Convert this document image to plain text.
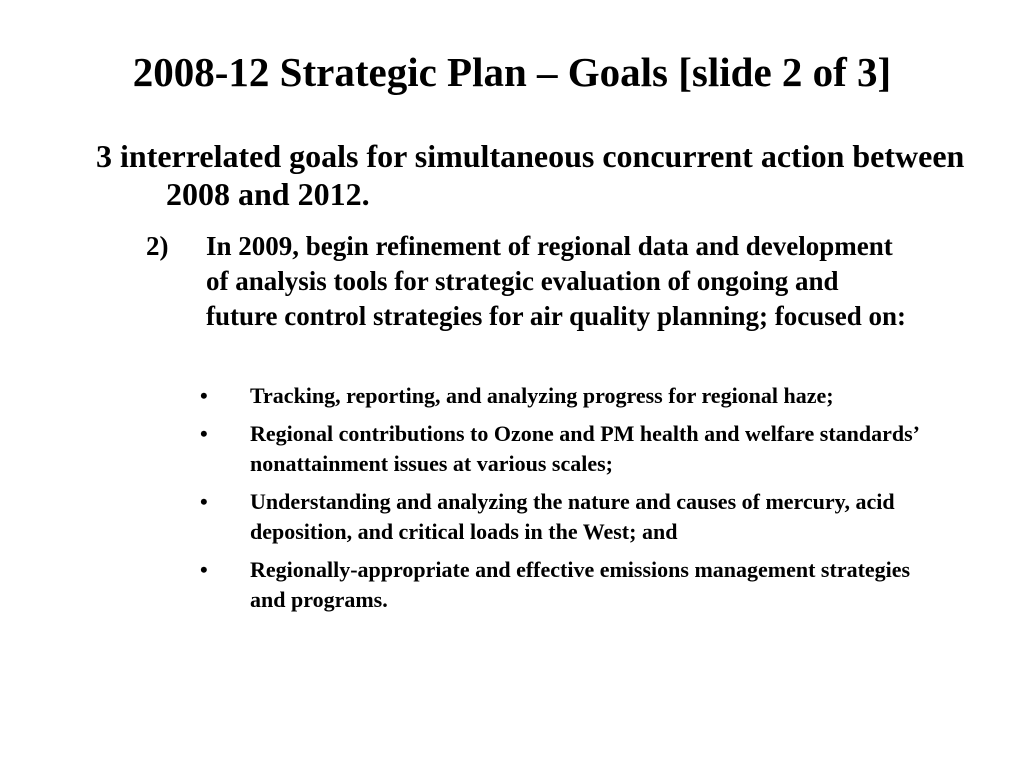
2008-12 Strategic Plan – Goals [slide 2 of 3]
3 interrelated goals for simultaneous concurrent action between 2008 and 2012.
2) In 2009, begin refinement of regional data and development of analysis tools for strategic evaluation of ongoing and future control strategies for air quality planning; focused on:
• Tracking, reporting, and analyzing progress for regional haze;
• Regional contributions to Ozone and PM health and welfare standards’ nonattainment issues at various scales;
• Understanding and analyzing the nature and causes of mercury, acid deposition, and critical loads in the West; and
• Regionally-appropriate and effective emissions management strategies and programs.
